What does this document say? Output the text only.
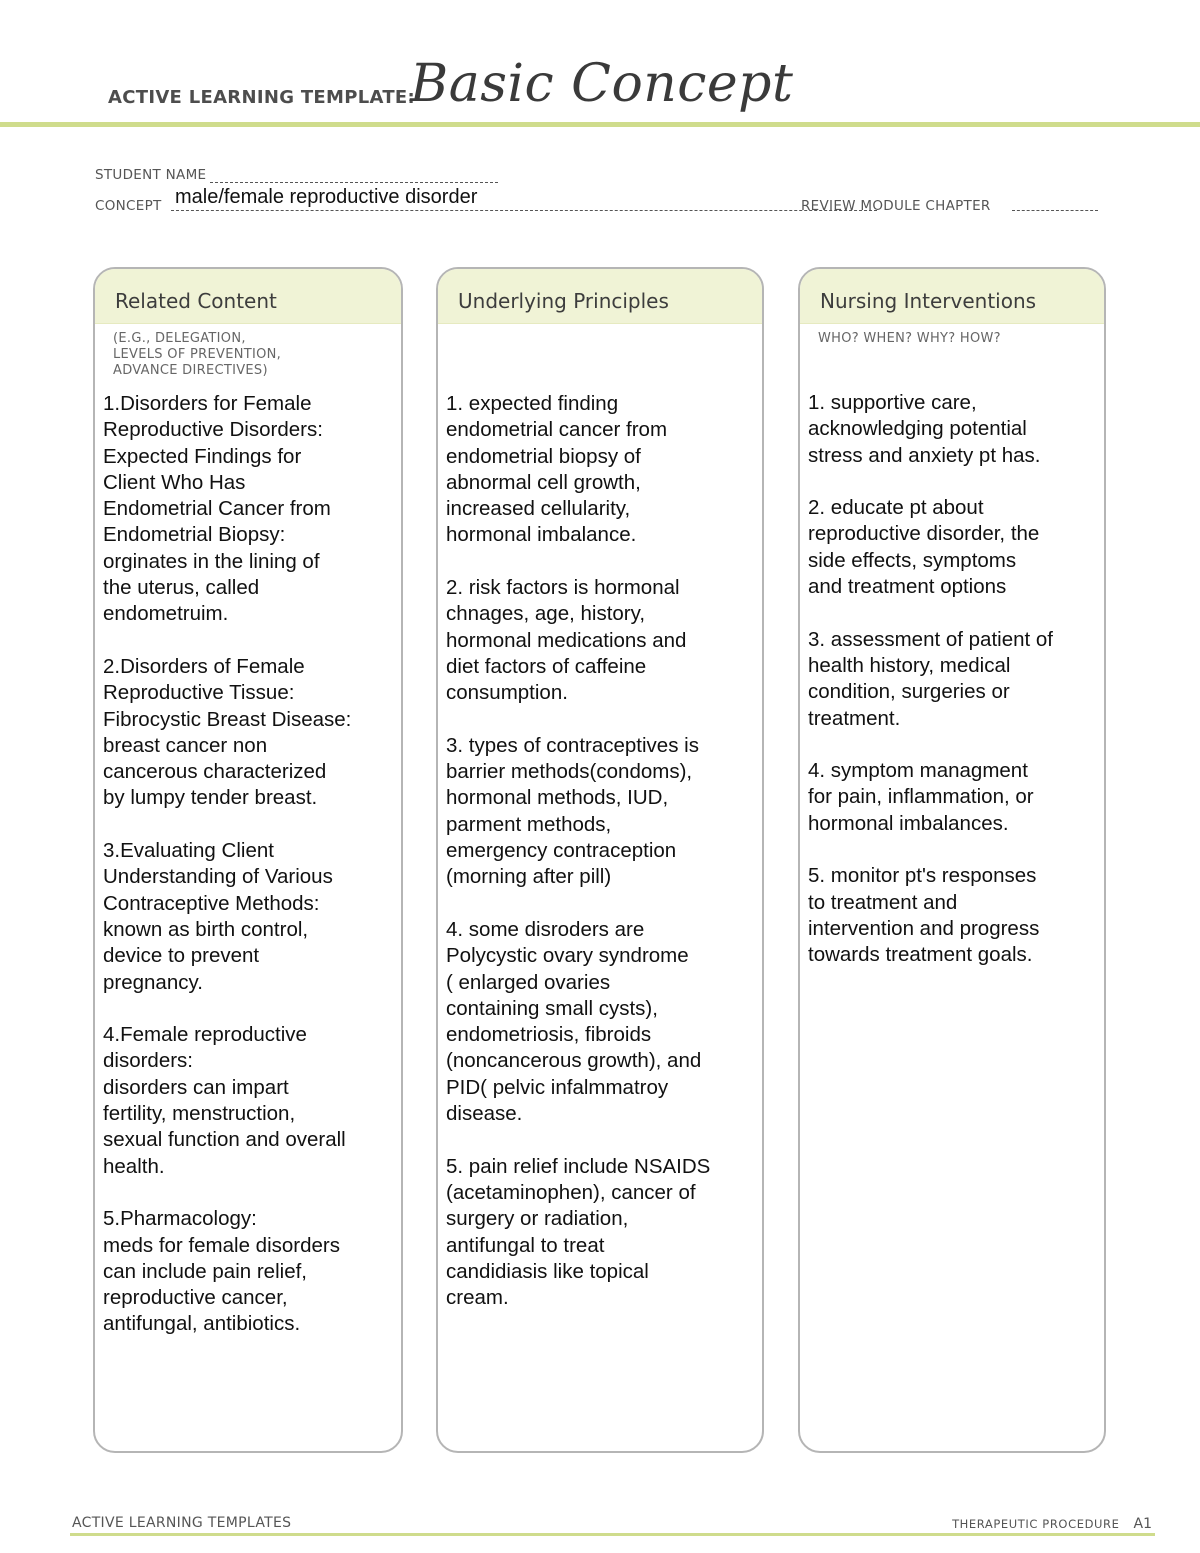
ACTIVE LEARNING TEMPLATE:
Basic Concept
STUDENT NAME
CONCEPT male/female reproductive disorder	REVIEW MODULE CHAPTER
Related Content
(E.G., DELEGATION,
LEVELS OF PREVENTION,
ADVANCE DIRECTIVES)
1.Disorders for Female
Reproductive Disorders:
Expected Findings for
Client Who Has
Endometrial Cancer from
Endometrial Biopsy:
orginates in the lining of
the uterus, called
endometruim.
2.Disorders of Female
Reproductive Tissue:
Fibrocystic Breast Disease:
breast cancer non
cancerous characterized
by lumpy tender breast.
3.Evaluating Client
Understanding of Various
Contraceptive Methods:
known as birth control,
device to prevent
pregnancy.
4.Female reproductive
disorders:
disorders can impart
fertility, menstruction,
sexual function and overall
health.
5.Pharmacology:
meds for female disorders
can include pain relief,
reproductive cancer,
antifungal, antibiotics.
Underlying Principles
1. expected finding
endometrial cancer from
endometrial biopsy of
abnormal cell growth,
increased cellularity,
hormonal imbalance.
2. risk factors is hormonal
chnages, age, history,
hormonal medications and
diet factors of caffeine
consumption.
3. types of contraceptives is
barrier methods(condoms),
hormonal methods, IUD,
parment methods,
emergency contraception
(morning after pill)
4. some disroders are
Polycystic ovary syndrome
( enlarged ovaries
containing small cysts),
endometriosis, fibroids
(noncancerous growth), and
PID( pelvic infalmmatroy
disease.
5. pain relief include NSAIDS
(acetaminophen), cancer of
surgery or radiation,
antifungal to treat
candidiasis like topical
cream.
Nursing Interventions
WHO? WHEN? WHY? HOW?
1. supportive care,
acknowledging potential
stress and anxiety pt has.
2. educate pt about
reproductive disorder, the
side effects, symptoms
and treatment options
3. assessment of patient of
health history, medical
condition, surgeries or
treatment.
4. symptom managment
for pain, inflammation, or
hormonal imbalances.
5. monitor pt's responses
to treatment and
intervention and progress
towards treatment goals.
ACTIVE LEARNING TEMPLATES	THERAPEUTIC PROCEDURE A1
